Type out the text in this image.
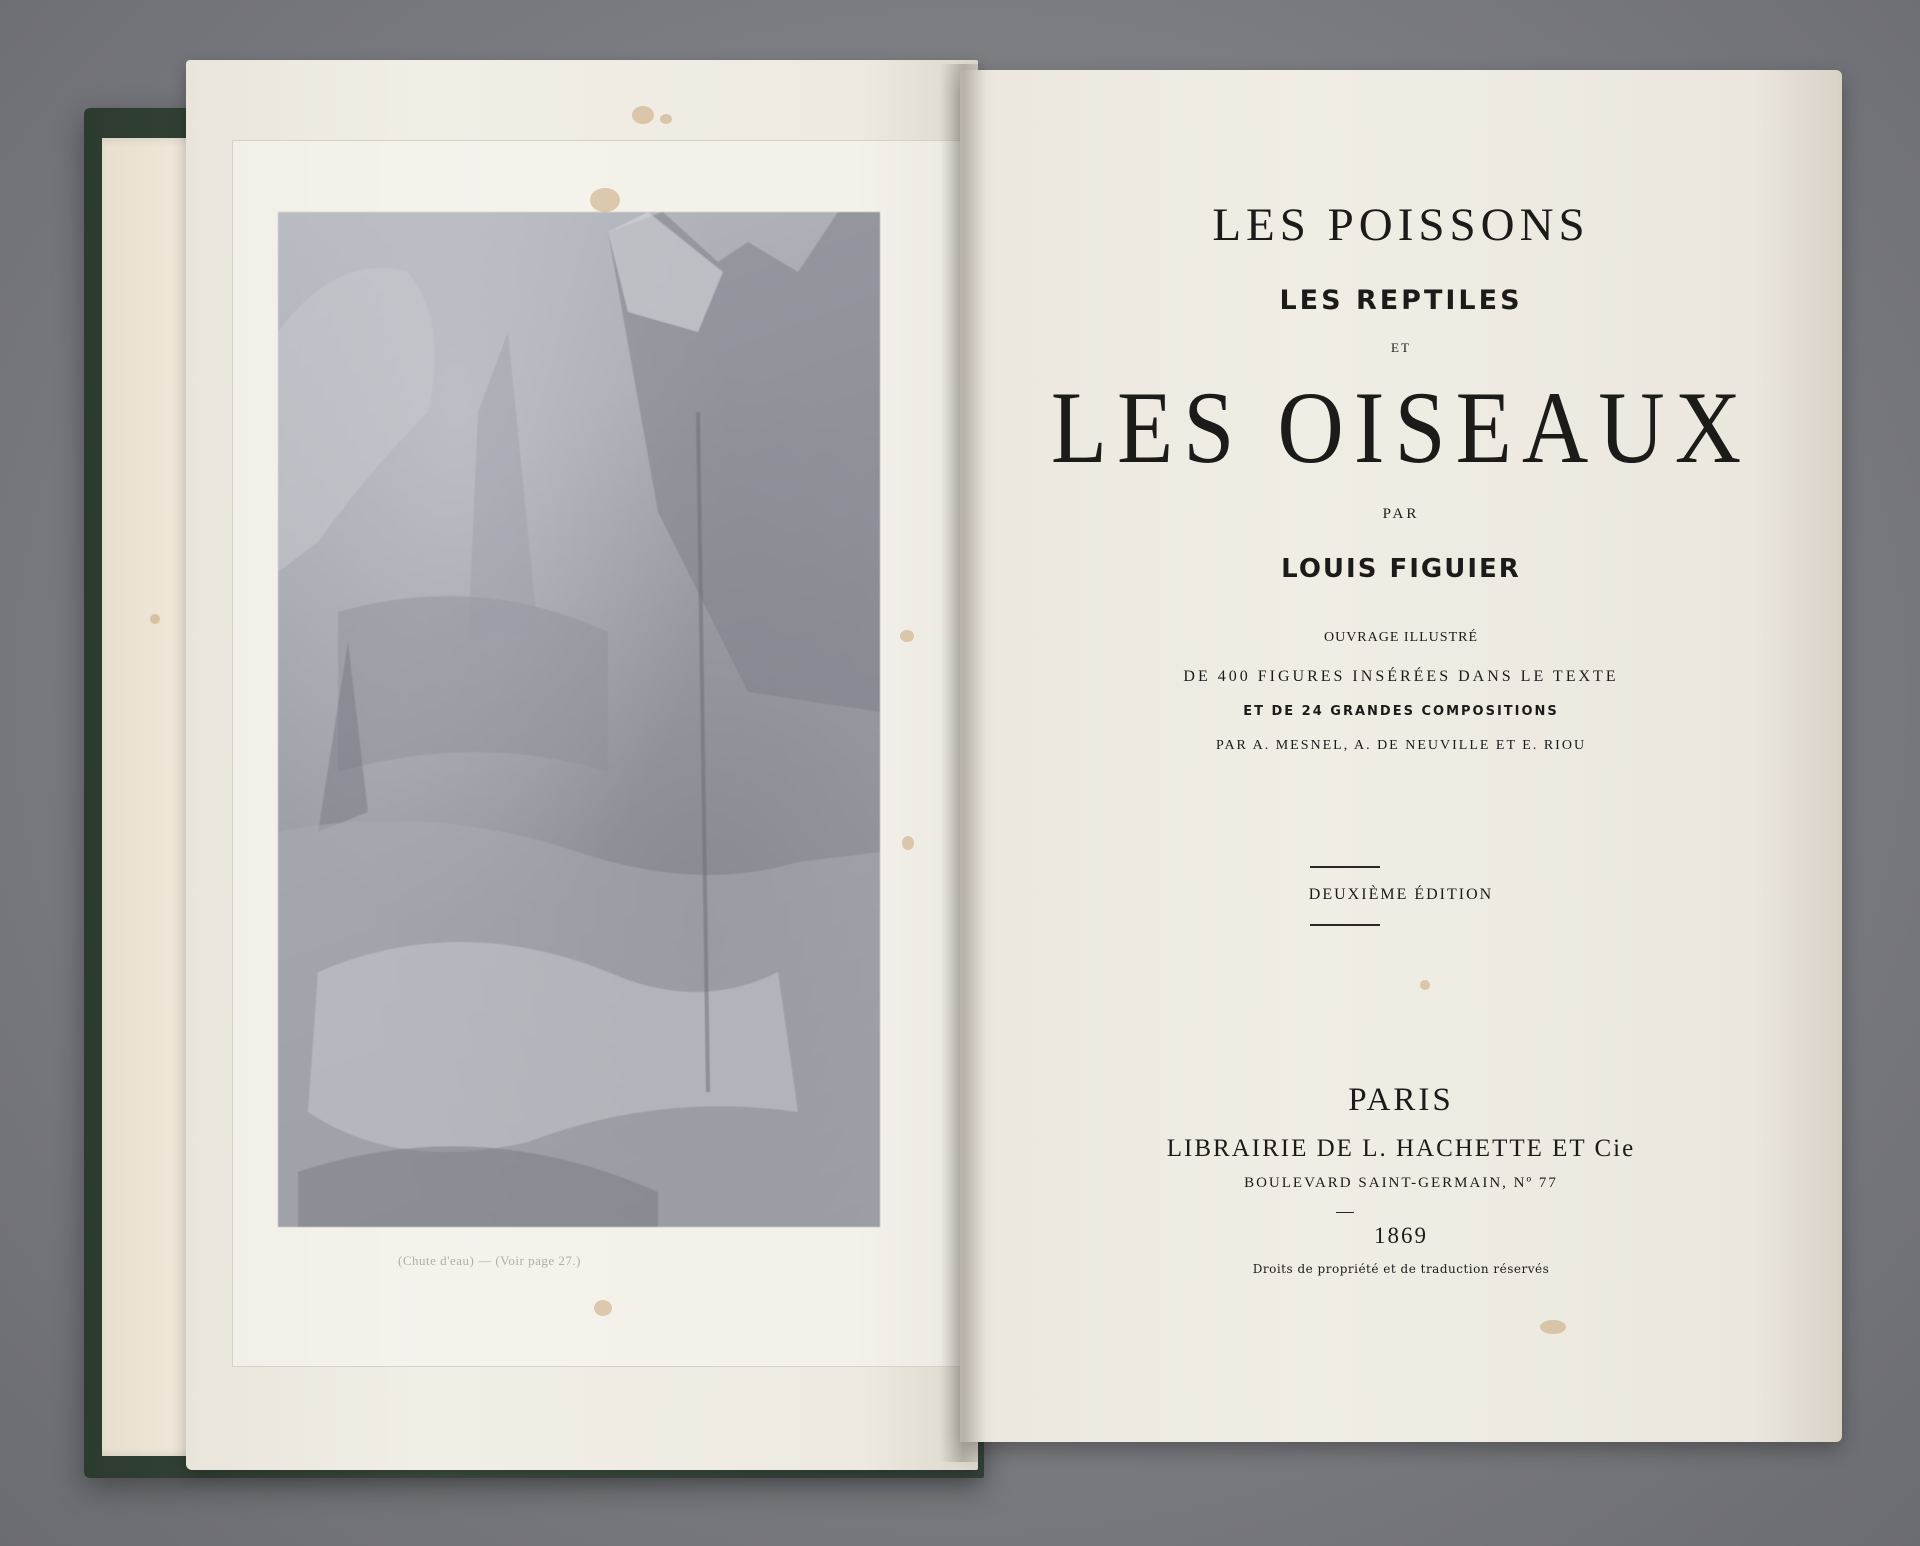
(Chute d'eau) — (Voir page 27.)
LES POISSONS
LES REPTILES
ET
LES OISEAUX
PAR
LOUIS FIGUIER
OUVRAGE ILLUSTRÉ
DE 400 FIGURES INSÉRÉES DANS LE TEXTE
ET DE 24 GRANDES COMPOSITIONS
PAR A. MESNEL, A. DE NEUVILLE ET E. RIOU
DEUXIÈME ÉDITION
PARIS
LIBRAIRIE DE L. HACHETTE ET Cie
BOULEVARD SAINT-GERMAIN, Nº 77
1869
Droits de propriété et de traduction réservés
